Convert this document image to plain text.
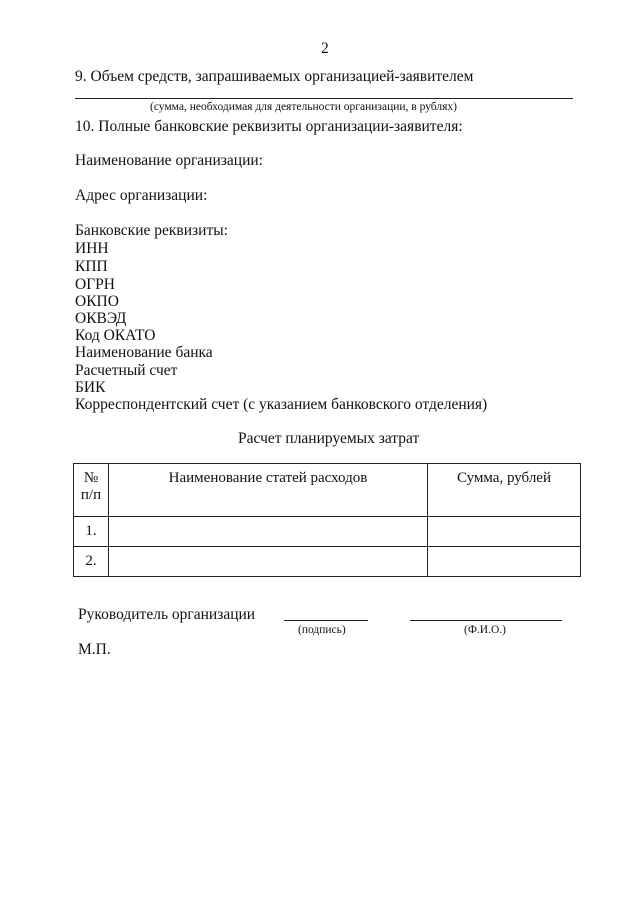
2
9. Объем средств, запрашиваемых организацией-заявителем
(сумма, необходимая для деятельности организации, в рублях)
10. Полные банковские реквизиты организации-заявителя:
Наименование организации:
Адрес организации:
Банковские реквизиты:
ИНН
КПП
ОГРН
ОКПО
ОКВЭД
Код ОКАТО
Наименование банка
Расчетный счет
БИК
Корреспондентский счет (с указанием банковского отделения)
Расчет планируемых затрат
№
п/п	Наименование статей расходов	Сумма, рублей
1.		
2.		
Руководитель организации
(подпись)	(Ф.И.О.)
М.П.
